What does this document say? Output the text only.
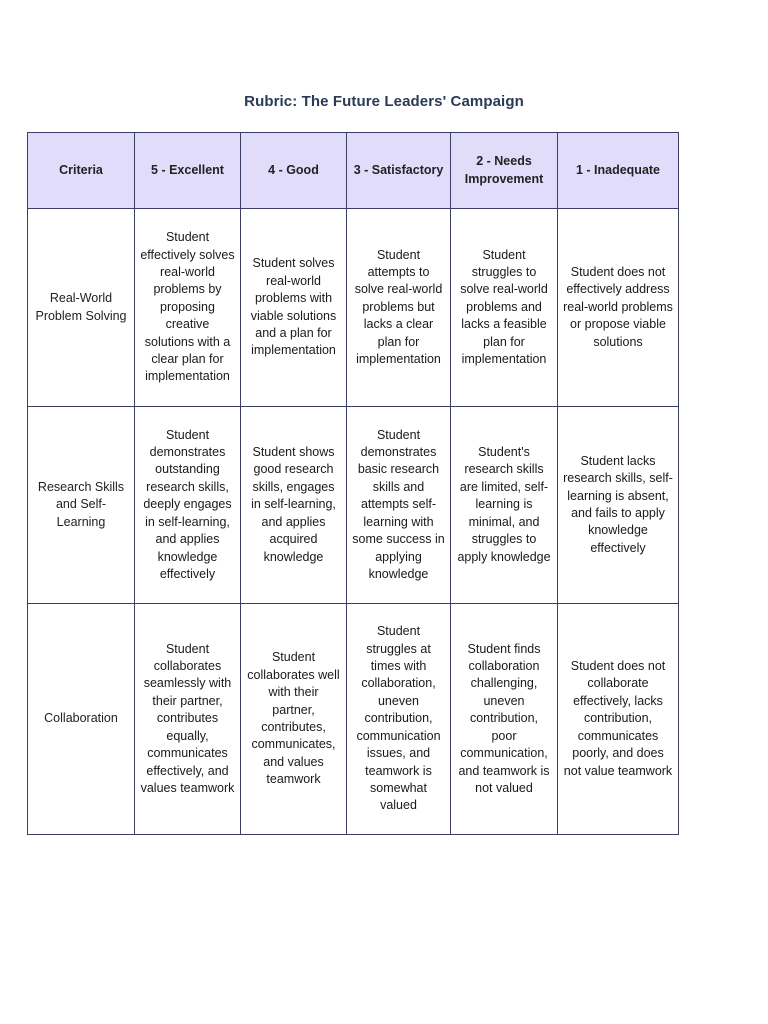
Rubric: The Future Leaders' Campaign
Criteria	5 - Excellent	4 - Good	3 - Satisfactory	2 - Needs Improvement	1 - Inadequate
Real-World Problem Solving	Student effectively solves real-world problems by proposing creative solutions with a clear plan for implementation	Student solves real-world problems with viable solutions and a plan for implementation	Student attempts to solve real-world problems but lacks a clear plan for implementation	Student struggles to solve real-world problems and lacks a feasible plan for implementation	Student does not effectively address real-world problems or propose viable solutions
Research Skills and Self-Learning	Student demonstrates outstanding research skills, deeply engages in self-learning, and applies knowledge effectively	Student shows good research skills, engages in self-learning, and applies acquired knowledge	Student demonstrates basic research skills and attempts self-learning with some success in applying knowledge	Student's research skills are limited, self-learning is minimal, and struggles to apply knowledge	Student lacks research skills, self-learning is absent, and fails to apply knowledge effectively
Collaboration	Student collaborates seamlessly with their partner, contributes equally, communicates effectively, and values teamwork	Student collaborates well with their partner, contributes, communicates, and values teamwork	Student struggles at times with collaboration, uneven contribution, communication issues, and teamwork is somewhat valued	Student finds collaboration challenging, uneven contribution, poor communication, and teamwork is not valued	Student does not collaborate effectively, lacks contribution, communicates poorly, and does not value teamwork
